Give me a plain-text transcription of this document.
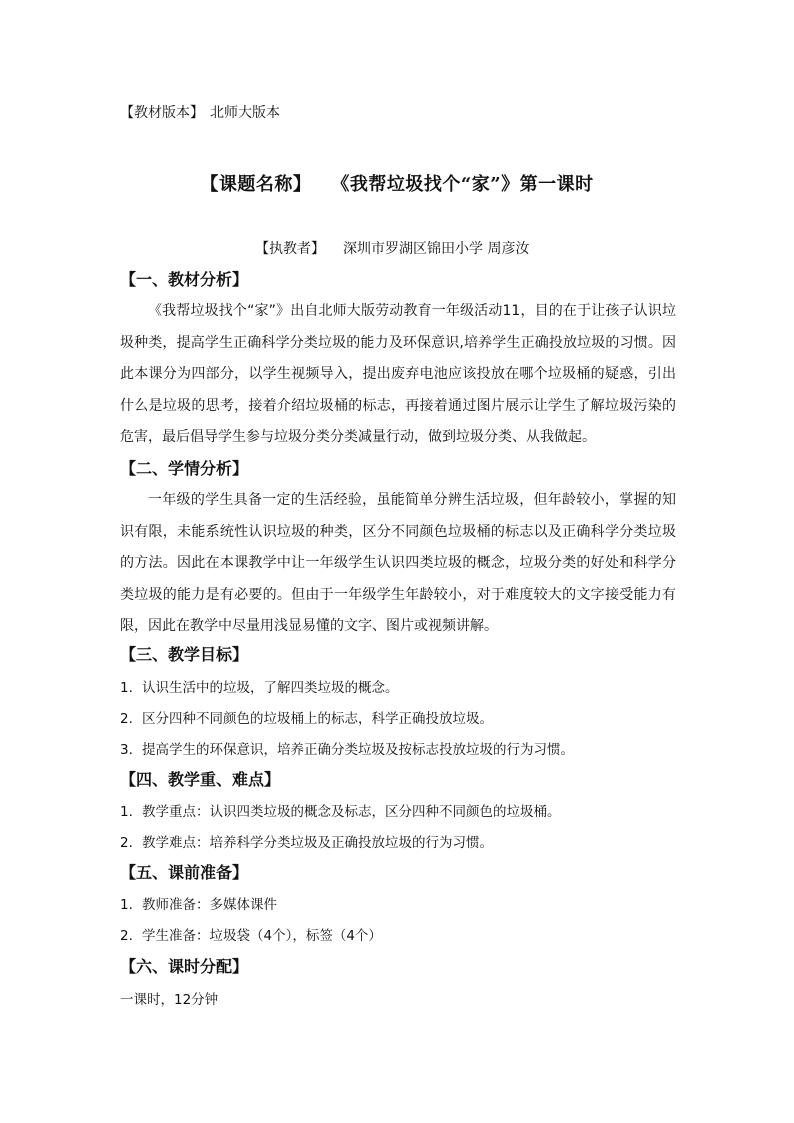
【教材版本】 北师大版本
【课题名称】 《我帮垃圾找个“家”》第一课时
【执教者】 深圳市罗湖区锦田小学 周彦汝
【一、教材分析】
《我帮垃圾找个“家”》出自北师大版劳动教育一年级活动11，目的在于让孩子认识垃圾种类，提高学生正确科学分类垃圾的能力及环保意识,培养学生正确投放垃圾的习惯。因此本课分为四部分，以学生视频导入，提出废弃电池应该投放在哪个垃圾桶的疑惑，引出什么是垃圾的思考，接着介绍垃圾桶的标志，再接着通过图片展示让学生了解垃圾污染的危害，最后倡导学生参与垃圾分类分类减量行动，做到垃圾分类、从我做起。
【二、学情分析】
一年级的学生具备一定的生活经验，虽能简单分辨生活垃圾，但年龄较小，掌握的知识有限，未能系统性认识垃圾的种类，区分不同颜色垃圾桶的标志以及正确科学分类垃圾的方法。因此在本课教学中让一年级学生认识四类垃圾的概念，垃圾分类的好处和科学分类垃圾的能力是有必要的。但由于一年级学生年龄较小，对于难度较大的文字接受能力有限，因此在教学中尽量用浅显易懂的文字、图片或视频讲解。
【三、教学目标】
1. 认识生活中的垃圾，了解四类垃圾的概念。
2. 区分四种不同颜色的垃圾桶上的标志，科学正确投放垃圾。
3. 提高学生的环保意识，培养正确分类垃圾及按标志投放垃圾的行为习惯。
【四、教学重、难点】
1. 教学重点：认识四类垃圾的概念及标志，区分四种不同颜色的垃圾桶。
2. 教学难点：培养科学分类垃圾及正确投放垃圾的行为习惯。
【五、课前准备】
1. 教师准备：多媒体课件
2. 学生准备：垃圾袋（4个），标签（4个）
【六、课时分配】
一课时，12分钟
